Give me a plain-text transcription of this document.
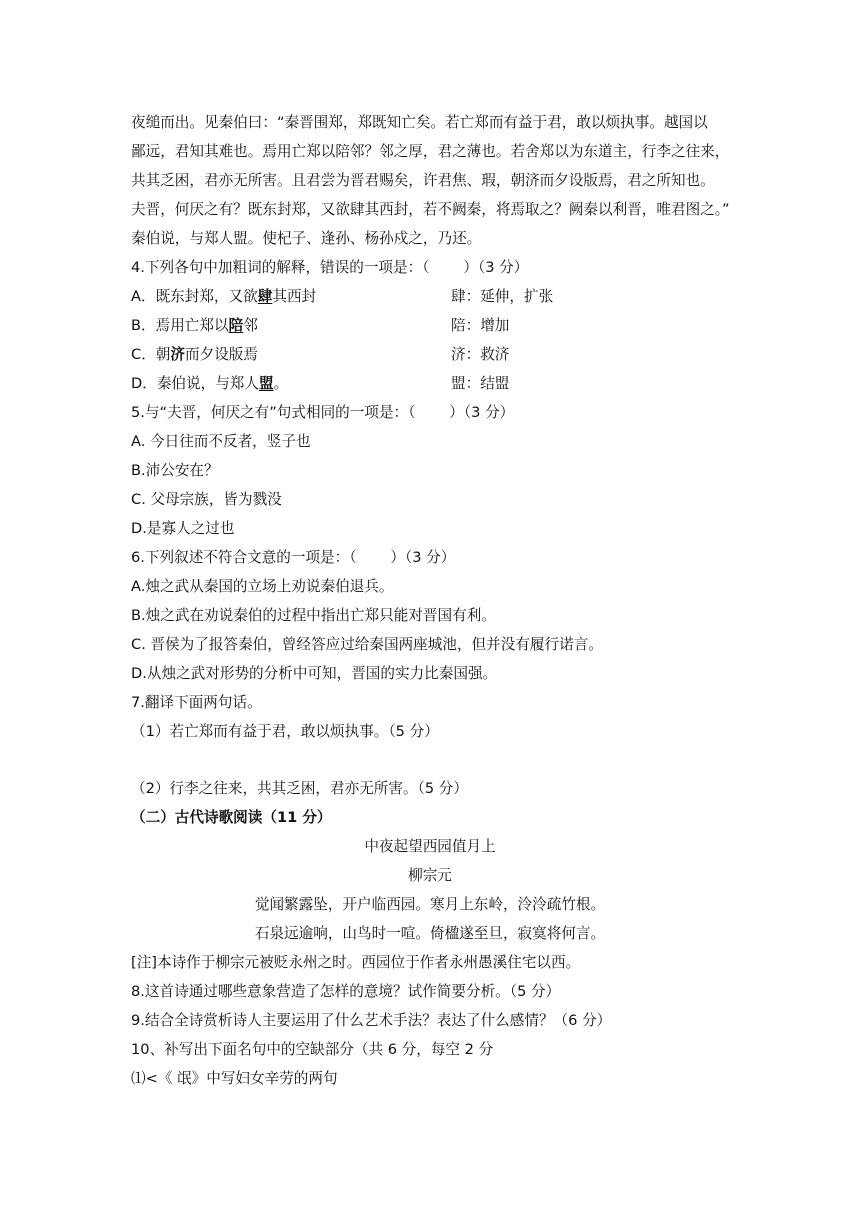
夜缒而出。见秦伯曰：“秦晋围郑，郑既知亡矣。若亡郑而有益于君，敢以烦执事。越国以

鄙远，君知其难也。焉用亡郑以陪邻？邻之厚，君之薄也。若舍郑以为东道主，行李之往来，

共其乏困，君亦无所害。且君尝为晋君赐矣，许君焦、瑕，朝济而夕设版焉，君之所知也。

夫晋，何厌之有？既东封郑，又欲肆其西封，若不阙秦，将焉取之？阙秦以利晋，唯君图之。”

秦伯说，与郑人盟。使杞子、逢孙、杨孙戍之，乃还。

4.下列各句中加粗词的解释，错误的一项是：（　　 ）（3 分）

A．既东封郑，又欲肆其西封	肆：延伸，扩张
B．焉用亡郑以陪邻	陪：增加
C．朝济而夕设版焉	济：救济
D．秦伯说，与郑人盟。	盟：结盟

5.与“夫晋，何厌之有”句式相同的一项是：（　　 ）（3 分）

A. 今日往而不反者，竖子也

B.沛公安在？

C. 父母宗族，皆为戮没

D.是寡人之过也

6.下列叙述不符合文意的一项是：（　　 ）（3 分）

A.烛之武从秦国的立场上劝说秦伯退兵。

B.烛之武在劝说秦伯的过程中指出亡郑只能对晋国有利。

C. 晋侯为了报答秦伯，曾经答应过给秦国两座城池，但并没有履行诺言。

D.从烛之武对形势的分析中可知，晋国的实力比秦国强。

7.翻译下面两句话。

（1）若亡郑而有益于君，敢以烦执事。（5 分）

（2）行李之往来，共其乏困，君亦无所害。（5 分）

（二）古代诗歌阅读（11 分）

中夜起望西园值月上

柳宗元

觉闻繁露坠，开户临西园。寒月上东岭，泠泠疏竹根。

石泉远逾响，山鸟时一喧。倚楹遂至旦，寂寞将何言。

[注]本诗作于柳宗元被贬永州之时。西园位于作者永州愚溪住宅以西。

8.这首诗通过哪些意象营造了怎样的意境？试作简要分析。（5 分）

9.结合全诗赏析诗人主要运用了什么艺术手法？表达了什么感情？（6 分）

10、补写出下面名句中的空缺部分（共 6 分，每空 2 分

⑴<《 氓》中写妇女辛劳的两句
